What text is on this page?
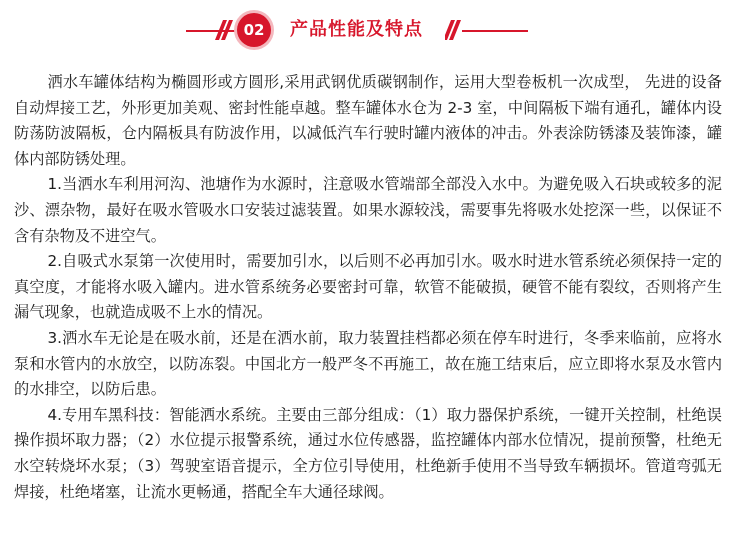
02	产品性能及特点

洒水车罐体结构为椭圆形或方圆形,采用武钢优质碳钢制作，运用大型卷板机一次成型， 先进的设备自动焊接工艺，外形更加美观、密封性能卓越。整车罐体水仓为 2-3 室，中间隔板下端有通孔，罐体内设防荡防波隔板，仓内隔板具有防波作用，以减低汽车行驶时罐内液体的冲击。外表涂防锈漆及装饰漆，罐体内部防锈处理。

1.当洒水车利用河沟、池塘作为水源时，注意吸水管端部全部没入水中。为避免吸入石块或较多的泥沙、漂杂物，最好在吸水管吸水口安装过滤装置。如果水源较浅，需要事先将吸水处挖深一些，以保证不含有杂物及不进空气。

2.自吸式水泵第一次使用时，需要加引水，以后则不必再加引水。吸水时进水管系统必须保持一定的真空度，才能将水吸入罐内。进水管系统务必要密封可靠，软管不能破损，硬管不能有裂纹，否则将产生漏气现象，也就造成吸不上水的情况。

3.洒水车无论是在吸水前，还是在洒水前，取力装置挂档都必须在停车时进行，冬季来临前，应将水泵和水管内的水放空，以防冻裂。中国北方一般严冬不再施工，故在施工结束后，应立即将水泵及水管内的水排空，以防后患。

4.专用车黑科技：智能洒水系统。主要由三部分组成：（1）取力器保护系统，一键开关控制，杜绝误操作损坏取力器；（2）水位提示报警系统，通过水位传感器，监控罐体内部水位情况，提前预警，杜绝无水空转烧坏水泵；（3）驾驶室语音提示，全方位引导使用，杜绝新手使用不当导致车辆损坏。管道弯弧无焊接，杜绝堵塞，让流水更畅通，搭配全车大通径球阀。
